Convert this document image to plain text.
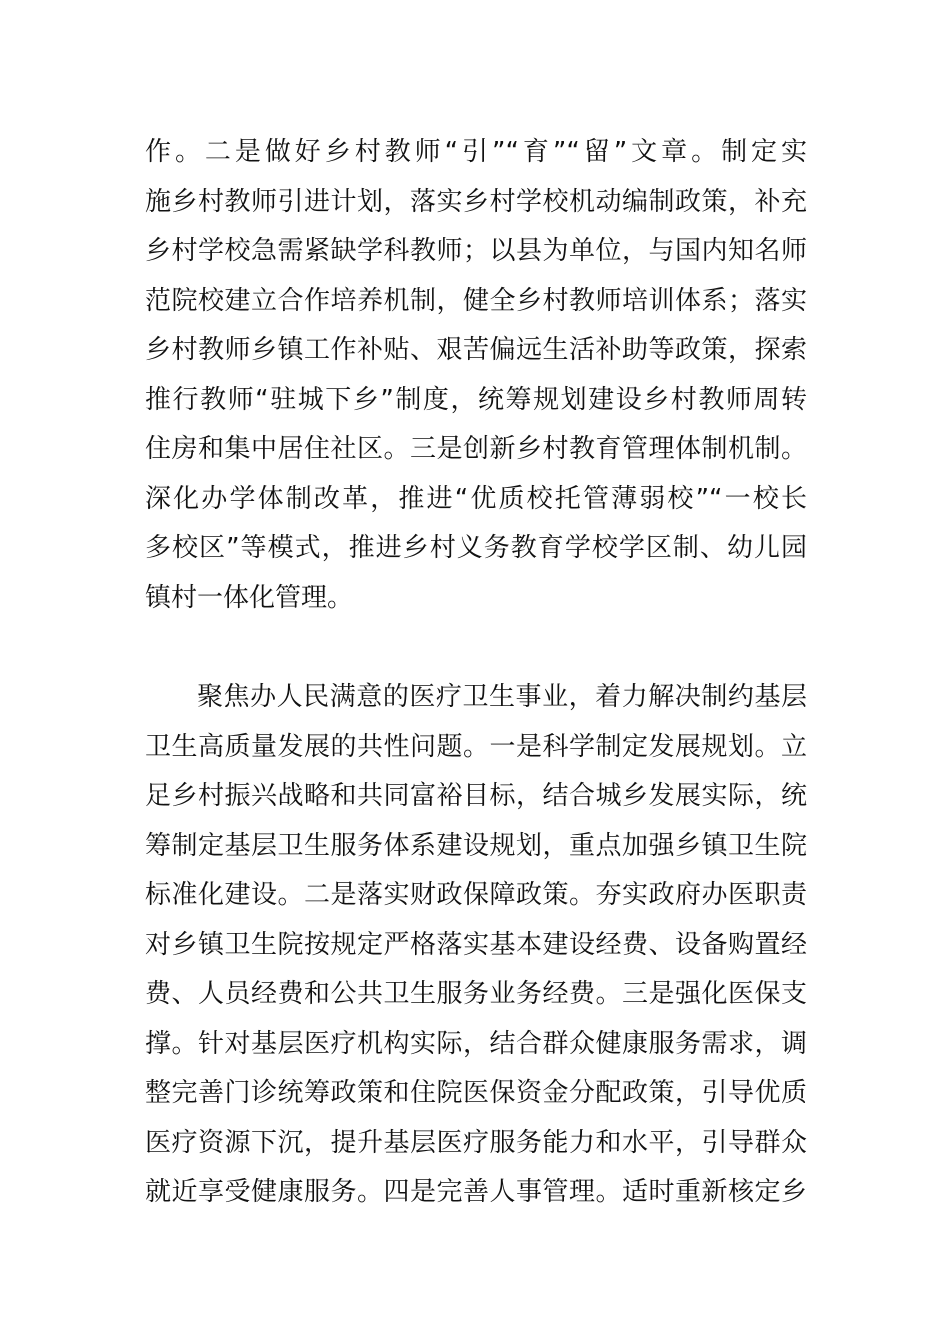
作。二是做好乡村教师“引”“育”“留”文章。制定实
施乡村教师引进计划，落实乡村学校机动编制政策，补充
乡村学校急需紧缺学科教师；以县为单位，与国内知名师
范院校建立合作培养机制，健全乡村教师培训体系；落实
乡村教师乡镇工作补贴、艰苦偏远生活补助等政策，探索
推行教师“驻城下乡”制度，统筹规划建设乡村教师周转
住房和集中居住社区。三是创新乡村教育管理体制机制。
深化办学体制改革，推进“优质校托管薄弱校”“一校长
多校区”等模式，推进乡村义务教育学校学区制、幼儿园
镇村一体化管理。
聚焦办人民满意的医疗卫生事业，着力解决制约基层
卫生高质量发展的共性问题。一是科学制定发展规划。立
足乡村振兴战略和共同富裕目标，结合城乡发展实际，统
筹制定基层卫生服务体系建设规划，重点加强乡镇卫生院
标准化建设。二是落实财政保障政策。夯实政府办医职责
对乡镇卫生院按规定严格落实基本建设经费、设备购置经
费、人员经费和公共卫生服务业务经费。三是强化医保支
撑。针对基层医疗机构实际，结合群众健康服务需求，调
整完善门诊统筹政策和住院医保资金分配政策，引导优质
医疗资源下沉，提升基层医疗服务能力和水平，引导群众
就近享受健康服务。四是完善人事管理。适时重新核定乡
